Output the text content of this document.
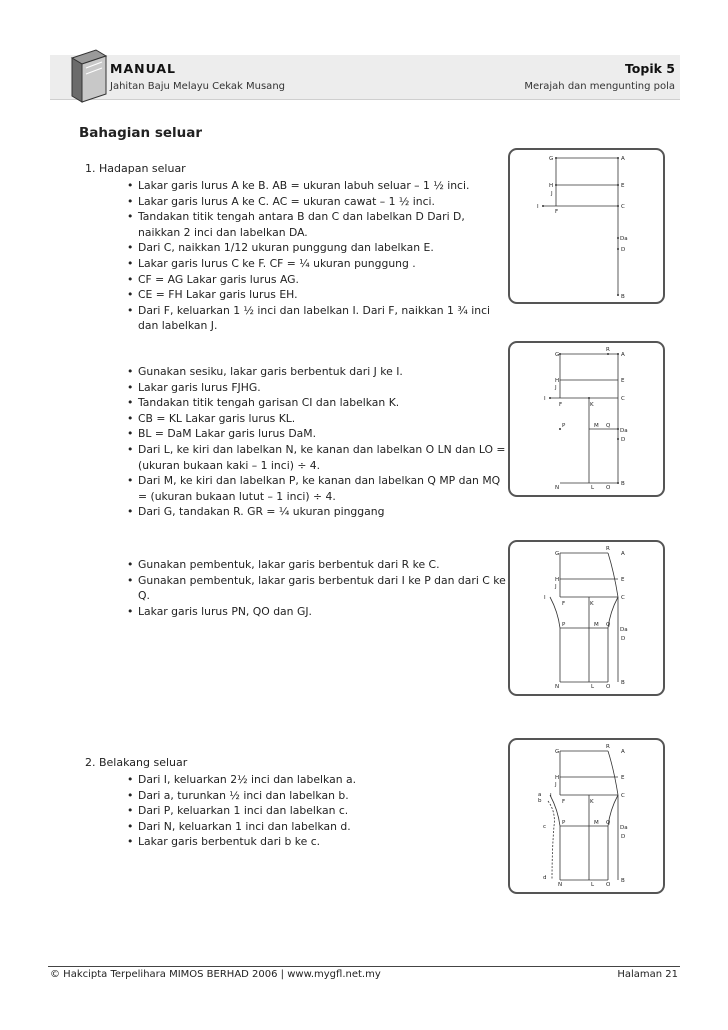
MANUAL
Jahitan Baju Melayu Cekak Musang
Topik 5
Merajah dan mengunting pola
Bahagian seluar
1. Hadapan seluar
• Lakar garis lurus A ke B. AB = ukuran labuh seluar – 1 ½ inci.
• Lakar garis lurus A ke C. AC = ukuran cawat – 1 ½ inci.
• Tandakan titik tengah antara B dan C dan labelkan D Dari D, naikkan 2 inci dan labelkan DA.
• Dari C, naikkan 1/12 ukuran punggung dan labelkan E.
• Lakar garis lurus C ke F. CF = ¼ ukuran punggung .
• CF = AG Lakar garis lurus AG.
• CE = FH Lakar garis lurus EH.
• Dari F, keluarkan 1 ½ inci dan labelkan I. Dari F, naikkan 1 ¾ inci dan labelkan J.
• Gunakan sesiku, lakar garis berbentuk dari J ke I.
• Lakar garis lurus FJHG.
• Tandakan titik tengah garisan CI dan labelkan K.
• CB = KL Lakar garis lurus KL.
• BL = DaM Lakar garis lurus DaM.
• Dari L, ke kiri dan labelkan N, ke kanan dan labelkan O LN dan LO = (ukuran bukaan kaki – 1 inci) ÷ 4.
• Dari M, ke kiri dan labelkan P, ke kanan dan labelkan Q MP dan MQ = (ukuran bukaan lutut – 1 inci) ÷ 4.
• Dari G, tandakan R. GR = ¼ ukuran pinggang
• Gunakan pembentuk, lakar garis berbentuk dari R ke C.
• Gunakan pembentuk, lakar garis berbentuk dari I ke P dan dari C ke Q.
• Lakar garis lurus PN, QO dan GJ.
2. Belakang seluar
• Dari I, keluarkan 2½ inci dan labelkan a.
• Dari a, turunkan ½ inci dan labelkan b.
• Dari P, keluarkan 1 inci dan labelkan c.
• Dari N, keluarkan 1 inci dan labelkan d.
• Lakar garis berbentuk dari b ke c.
G	A
H
J
E
I
F
C
Da
D
B
G
R
A
H
J
E
I
F	K
C
P	M Q
Da
D
N	L O
B
G
R
A
H
J
E
I
F	K
C
P	M Q
Da
D
N	L O
B
G
R
A
H
J
E
a
b
I
F	K
C
c
P	M Q
Da
D
d
N	L O
B
© Hakcipta Terpelihara MIMOS BERHAD 2006 | www.mygfl.net.my	Halaman 21
